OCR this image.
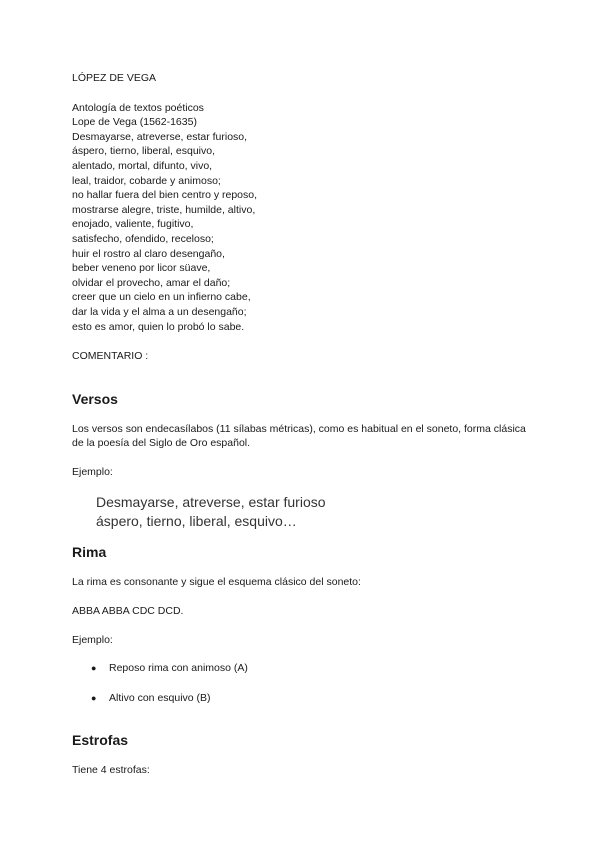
LÓPEZ DE VEGA

Antología de textos poéticos
Lope de Vega (1562-1635)
Desmayarse, atreverse, estar furioso,
áspero, tierno, liberal, esquivo,
alentado, mortal, difunto, vivo,
leal, traidor, cobarde y animoso;
no hallar fuera del bien centro y reposo,
mostrarse alegre, triste, humilde, altivo,
enojado, valiente, fugitivo,
satisfecho, ofendido, receloso;
huir el rostro al claro desengaño,
beber veneno por licor süave,
olvidar el provecho, amar el daño;
creer que un cielo en un infierno cabe,
dar la vida y el alma a un desengaño;
esto es amor, quien lo probó lo sabe.

COMENTARIO :

Versos

Los versos son endecasílabos (11 sílabas métricas), como es habitual en el soneto, forma clásica de la poesía del Siglo de Oro español.

Ejemplo:

Desmayarse, atreverse, estar furioso
áspero, tierno, liberal, esquivo…
Rima

La rima es consonante y sigue el esquema clásico del soneto:

ABBA ABBA CDC DCD.

Ejemplo:

● Reposo rima con animoso (A)
● Altivo con esquivo (B)
Estrofas

Tiene 4 estrofas:
